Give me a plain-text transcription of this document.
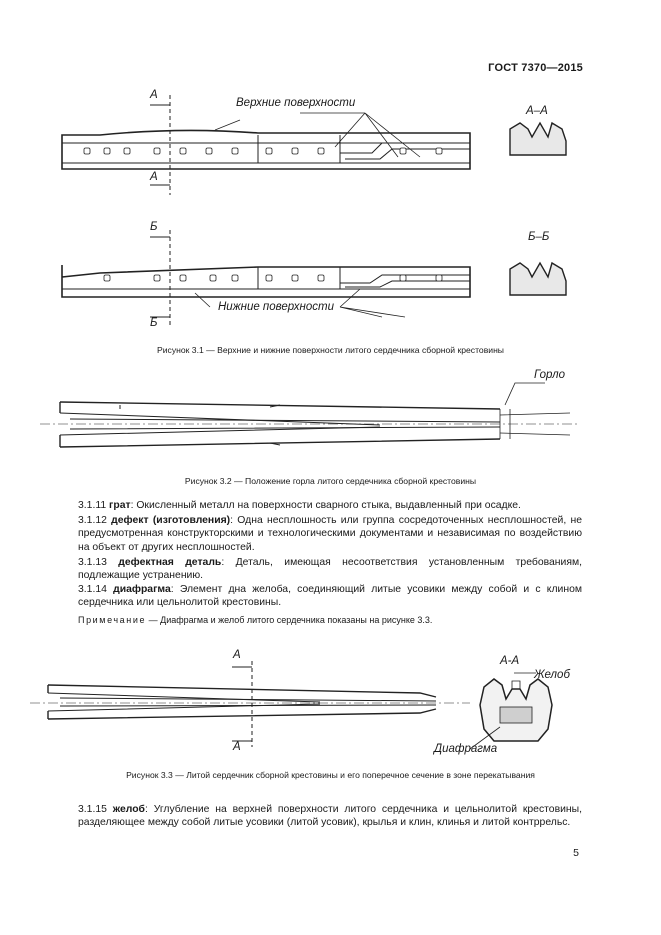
ГОСТ 7370—2015
Верхние поверхности
А
А
А–А
Б
Б
Нижние поверхности
Б–Б
Рисунок 3.1 — Верхние и нижние поверхности литого сердечника сборной крестовины
Горло
Рисунок 3.2 — Положение горла литого сердечника сборной крестовины
3.1.11 грат: Окисленный металл на поверхности сварного стыка, выдавленный при осадке.
3.1.12 дефект (изготовления): Одна несплошность или группа сосредоточенных несплошностей, не предусмотренная конструкторскими и технологическими документами и независимая по воздействию на объект от других несплошностей.
3.1.13 дефектная деталь: Деталь, имеющая несоответствия установленным требованиям, подлежащие устранению.
3.1.14 диафрагма: Элемент дна желоба, соединяющий литые усовики между собой и с клином сердечника или цельнолитой крестовины.
Примечание — Диафрагма и желоб литого сердечника показаны на рисунке 3.3.
А
А
А-А
Желоб
Диафрагма
Рисунок 3.3 — Литой сердечник сборной крестовины и его поперечное сечение в зоне перекатывания
3.1.15 желоб: Углубление на верхней поверхности литого сердечника и цельнолитой крестовины, разделяющее между собой литые усовики (литой усовик), крылья и клин, клинья и литой контррельс.
5
